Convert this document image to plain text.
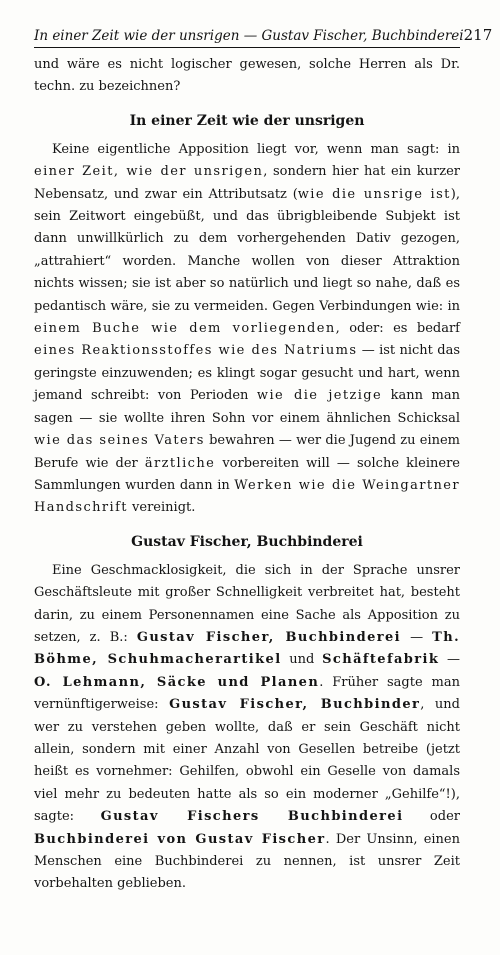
In einer Zeit wie der unsrigen — Gustav Fischer, Buchbinderei 217

und wäre es nicht logischer gewesen, solche Herren als Dr. techn. zu bezeichnen?

In einer Zeit wie der unsrigen

Keine eigentliche Apposition liegt vor, wenn man sagt: in einer Zeit, wie der unsrigen, sondern hier hat ein kurzer Nebensatz, und zwar ein Attributsatz (wie die unsrige ist), sein Zeitwort eingebüßt, und das übrigbleibende Subjekt ist dann unwillkürlich zu dem vorhergehenden Dativ gezogen, „attrahiert“ worden. Manche wollen von dieser Attraktion nichts wissen; sie ist aber so natürlich und liegt so nahe, daß es pedantisch wäre, sie zu vermeiden. Gegen Verbindungen wie: in einem Buche wie dem vorliegenden, oder: es bedarf eines Reaktionsstoffes wie des Natriums — ist nicht das geringste einzuwenden; es klingt sogar gesucht und hart, wenn jemand schreibt: von Perioden wie die jetzige kann man sagen — sie wollte ihren Sohn vor einem ähnlichen Schicksal wie das seines Vaters bewahren — wer die Jugend zu einem Berufe wie der ärztliche vorbereiten will — solche kleinere Sammlungen wurden dann in Werken wie die Weingartner Handschrift vereinigt.

Gustav Fischer, Buchbinderei

Eine Geschmacklosigkeit, die sich in der Sprache unsrer Geschäftsleute mit großer Schnelligkeit verbreitet hat, besteht darin, zu einem Personennamen eine Sache als Apposition zu setzen, z. B.: Gustav Fischer, Buchbinderei — Th. Böhme, Schuhmacherartikel und Schäftefabrik — O. Lehmann, Säcke und Planen. Früher sagte man vernünftigerweise: Gustav Fischer, Buchbinder, und wer zu verstehen geben wollte, daß er sein Geschäft nicht allein, sondern mit einer Anzahl von Gesellen betreibe (jetzt heißt es vornehmer: Gehilfen, obwohl ein Geselle von damals viel mehr zu bedeuten hatte als so ein moderner „Gehilfe“!), sagte: Gustav Fischers Buchbinderei oder Buchbinderei von Gustav Fischer. Der Unsinn, einen Menschen eine Buchbinderei zu nennen, ist unsrer Zeit vorbehalten geblieben.
